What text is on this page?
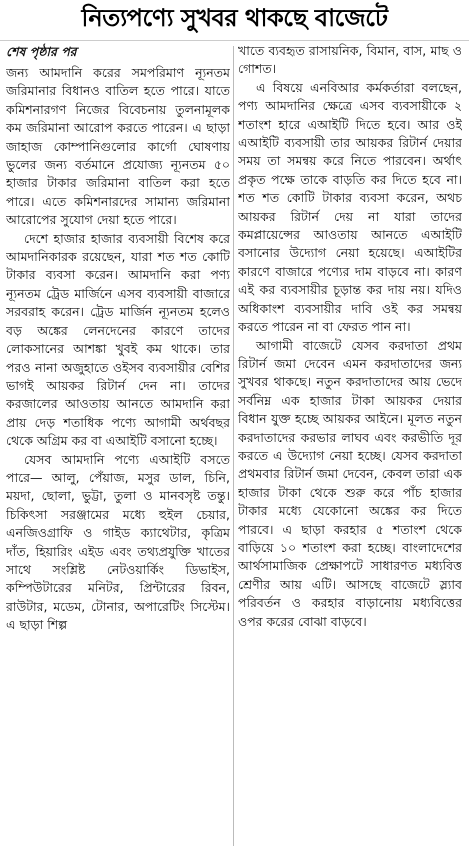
নিত্যপণ্যে সুখবর থাকছে বাজেটে
শেষ পৃষ্ঠার পর

জন্য আমদানি করের সমপরিমাণ ন্যূনতম জরিমানার বিধানও বাতিল হতে পারে। যাতে কমিশনারগণ নিজের বিবেচনায় তুলনামূলক কম জরিমানা আরোপ করতে পারেন। এ ছাড়া জাহাজ কোম্পানিগুলোর কার্গো ঘোষণায় ভুলের জন্য বর্তমানে প্রযোজ্য ন্যূনতম ৫০ হাজার টাকার জরিমানা বাতিল করা হতে পারে। এতে কমিশনারদের সামান্য জরিমানা আরোপের সুযোগ দেয়া হতে পারে।

দেশে হাজার হাজার ব্যবসায়ী বিশেষ করে আমদানিকারক রয়েছেন, যারা শত শত কোটি টাকার ব্যবসা করেন। আমদানি করা পণ্য ন্যূনতম ট্রেড মার্জিনে এসব ব্যবসায়ী বাজারে সরবরাহ করেন। ট্রেড মার্জিন ন্যূনতম হলেও বড় অঙ্কের লেনদেনের কারণে তাদের লোকসানের আশঙ্কা খুবই কম থাকে। তার পরও নানা অজুহাতে ওইসব ব্যবসায়ীর বেশির ভাগই আয়কর রিটার্ন দেন না। তাদের করজালের আওতায় আনতে আমদানি করা প্রায় দেড় শতাধিক পণ্যে আগামী অর্থবছর থেকে অগ্রিম কর বা এআইটি বসানো হচ্ছে।

যেসব আমদানি পণ্যে এআইটি বসতে পারে— আলু, পেঁয়াজ, মসুর ডাল, চিনি, ময়দা, ছোলা, ভুট্টা, তুলা ও মানবসৃষ্ট তন্তু। চিকিৎসা সরঞ্জামের মধ্যে হুইল চেয়ার, এনজিওগ্রাফি ও গাইড ক্যাথেটার, কৃত্রিম দাঁত, হিয়ারিং এইড এবং তথ্যপ্রযুক্তি খাতের সাথে সংশ্লিষ্ট নেটওয়ার্কিং ডিভাইস, কম্পিউটারের মনিটর, প্রিন্টারের রিবন, রাউটার, মডেম, টোনার, অপারেটিং সিস্টেম। এ ছাড়া শিল্প

খাতে ব্যবহৃত রাসায়নিক, বিমান, বাস, মাছ ও গোশত।

এ বিষয়ে এনবিআর কর্মকর্তারা বলছেন, পণ্য আমদানির ক্ষেত্রে এসব ব্যবসায়ীকে ২ শতাংশ হারে এআইটি দিতে হবে। আর ওই এআইটি ব্যবসায়ী তার আয়কর রিটার্ন দেয়ার সময় তা সমন্বয় করে নিতে পারবেন। অর্থাৎ প্রকৃত পক্ষে তাকে বাড়তি কর দিতে হবে না। শত শত কোটি টাকার ব্যবসা করেন, অথচ আয়কর রিটার্ন দেয় না যারা তাদের কমপ্লায়েন্সের আওতায় আনতে এআইটি বসানোর উদ্যোগ নেয়া হয়েছে। এআইটির কারণে বাজারে পণ্যের দাম বাড়বে না। কারণ এই কর ব্যবসায়ীর চূড়ান্ত কর দায় নয়। যদিও অধিকাংশ ব্যবসায়ীর দাবি ওই কর সমন্বয় করতে পারেন না বা ফেরত পান না।

আগামী বাজেটে যেসব করদাতা প্রথম রিটার্ন জমা দেবেন এমন করদাতাদের জন্য সুখবর থাকছে। নতুন করদাতাদের আয় ভেদে সর্বনিম্ন এক হাজার টাকা আয়কর দেয়ার বিধান যুক্ত হচ্ছে আয়কর আইনে। মূলত নতুন করদাতাদের করভার লাঘব এবং করভীতি দূর করতে এ উদ্যোগ নেয়া হচ্ছে। যেসব করদাতা প্রথমবার রিটার্ন জমা দেবেন, কেবল তারা এক হাজার টাকা থেকে শুরু করে পাঁচ হাজার টাকার মধ্যে যেকোনো অঙ্কের কর দিতে পারবে। এ ছাড়া করহার ৫ শতাংশ থেকে বাড়িয়ে ১০ শতাংশ করা হচ্ছে। বাংলাদেশের আর্থসামাজিক প্রেক্ষাপটে সাধারণত মধ্যবিত্ত শ্রেণীর আয় এটি। আসছে বাজেটে স্ল্যাব পরিবর্তন ও করহার বাড়ানোয় মধ্যবিত্তের ওপর করের বোঝা বাড়বে।
